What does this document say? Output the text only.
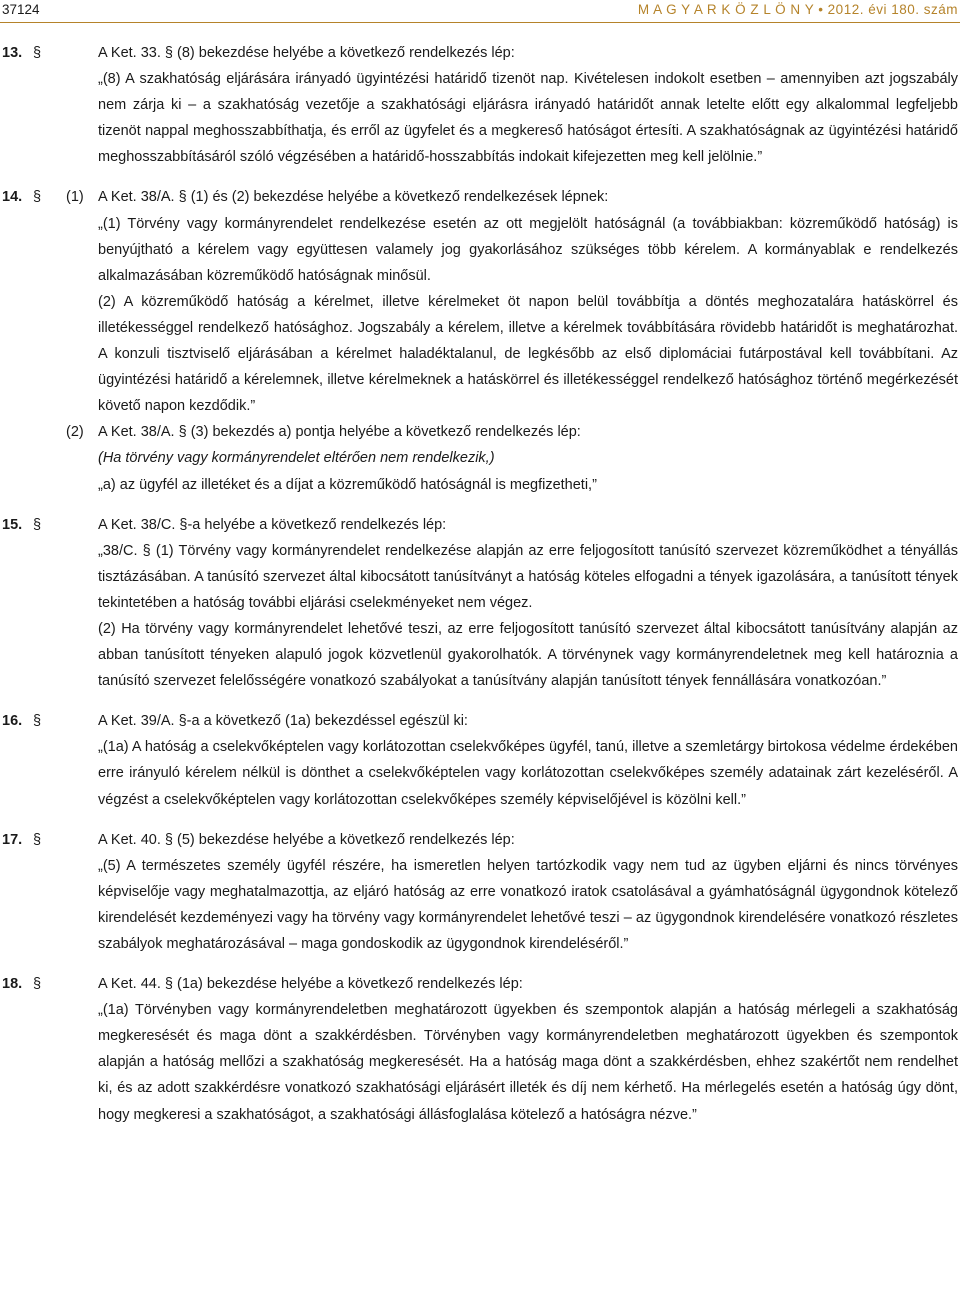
37124	M A G Y A R K Ö Z L Ö N Y • 2012. évi 180. szám
13. §	A Ket. 33. § (8) bekezdése helyébe a következő rendelkezés lép:

„(8) A szakhatóság eljárására irányadó ügyintézési határidő tizenöt nap. Kivételesen indokolt esetben – amennyiben azt jogszabály nem zárja ki – a szakhatóság vezetője a szakhatósági eljárásra irányadó határidőt annak letelte előtt egy alkalommal legfeljebb tizenöt nappal meghosszabbíthatja, és erről az ügyfelet és a megkereső hatóságot értesíti. A szakhatóságnak az ügyintézési határidő meghosszabbításáról szóló végzésében a határidő-hosszabbítás indokait kifejezetten meg kell jelölnie.”

14. § (1) A Ket. 38/A. § (1) és (2) bekezdése helyébe a következő rendelkezések lépnek:

„(1) Törvény vagy kormányrendelet rendelkezése esetén az ott megjelölt hatóságnál (a továbbiakban: közreműködő hatóság) is benyújtható a kérelem vagy együttesen valamely jog gyakorlásához szükséges több kérelem. A kormányablak e rendelkezés alkalmazásában közreműködő hatóságnak minősül.

(2) A közreműködő hatóság a kérelmet, illetve kérelmeket öt napon belül továbbítja a döntés meghozatalára hatáskörrel és illetékességgel rendelkező hatósághoz. Jogszabály a kérelem, illetve a kérelmek továbbítására rövidebb határidőt is meghatározhat. A konzuli tisztviselő eljárásában a kérelmet haladéktalanul, de legkésőbb az első diplomáciai futárpostával kell továbbítani. Az ügyintézési határidő a kérelemnek, illetve kérelmeknek a hatáskörrel és illetékességgel rendelkező hatósághoz történő megérkezését követő napon kezdődik.”

(2) A Ket. 38/A. § (3) bekezdés a) pontja helyébe a következő rendelkezés lép:

(Ha törvény vagy kormányrendelet eltérően nem rendelkezik,)

„a) az ügyfél az illetéket és a díjat a közreműködő hatóságnál is megfizetheti,”

15. §	A Ket. 38/C. §-a helyébe a következő rendelkezés lép:

„38/C. § (1) Törvény vagy kormányrendelet rendelkezése alapján az erre feljogosított tanúsító szervezet közreműködhet a tényállás tisztázásában. A tanúsító szervezet által kibocsátott tanúsítványt a hatóság köteles elfogadni a tények igazolására, a tanúsított tények tekintetében a hatóság további eljárási cselekményeket nem végez.

(2) Ha törvény vagy kormányrendelet lehetővé teszi, az erre feljogosított tanúsító szervezet által kibocsátott tanúsítvány alapján az abban tanúsított tényeken alapuló jogok közvetlenül gyakorolhatók. A törvénynek vagy kormányrendeletnek meg kell határoznia a tanúsító szervezet felelősségére vonatkozó szabályokat a tanúsítvány alapján tanúsított tények fennállására vonatkozóan.”

16. §	A Ket. 39/A. §-a a következő (1a) bekezdéssel egészül ki:

„(1a) A hatóság a cselekvőképtelen vagy korlátozottan cselekvőképes ügyfél, tanú, illetve a szemletárgy birtokosa védelme érdekében erre irányuló kérelem nélkül is dönthet a cselekvőképtelen vagy korlátozottan cselekvőképes személy adatainak zárt kezeléséről. A végzést a cselekvőképtelen vagy korlátozottan cselekvőképes személy képviselőjével is közölni kell.”

17. §	A Ket. 40. § (5) bekezdése helyébe a következő rendelkezés lép:

„(5) A természetes személy ügyfél részére, ha ismeretlen helyen tartózkodik vagy nem tud az ügyben eljárni és nincs törvényes képviselője vagy meghatalmazottja, az eljáró hatóság az erre vonatkozó iratok csatolásával a gyámhatóságnál ügygondnok kötelező kirendelését kezdeményezi vagy ha törvény vagy kormányrendelet lehetővé teszi – az ügygondnok kirendelésére vonatkozó részletes szabályok meghatározásával – maga gondoskodik az ügygondnok kirendeléséről.”

18. §	A Ket. 44. § (1a) bekezdése helyébe a következő rendelkezés lép:

„(1a) Törvényben vagy kormányrendeletben meghatározott ügyekben és szempontok alapján a hatóság mérlegeli a szakhatóság megkeresését és maga dönt a szakkérdésben. Törvényben vagy kormányrendeletben meghatározott ügyekben és szempontok alapján a hatóság mellőzi a szakhatóság megkeresését. Ha a hatóság maga dönt a szakkérdésben, ehhez szakértőt nem rendelhet ki, és az adott szakkérdésre vonatkozó szakhatósági eljárásért illeték és díj nem kérhető. Ha mérlegelés esetén a hatóság úgy dönt, hogy megkeresi a szakhatóságot, a szakhatósági állásfoglalása kötelező a hatóságra nézve.”
